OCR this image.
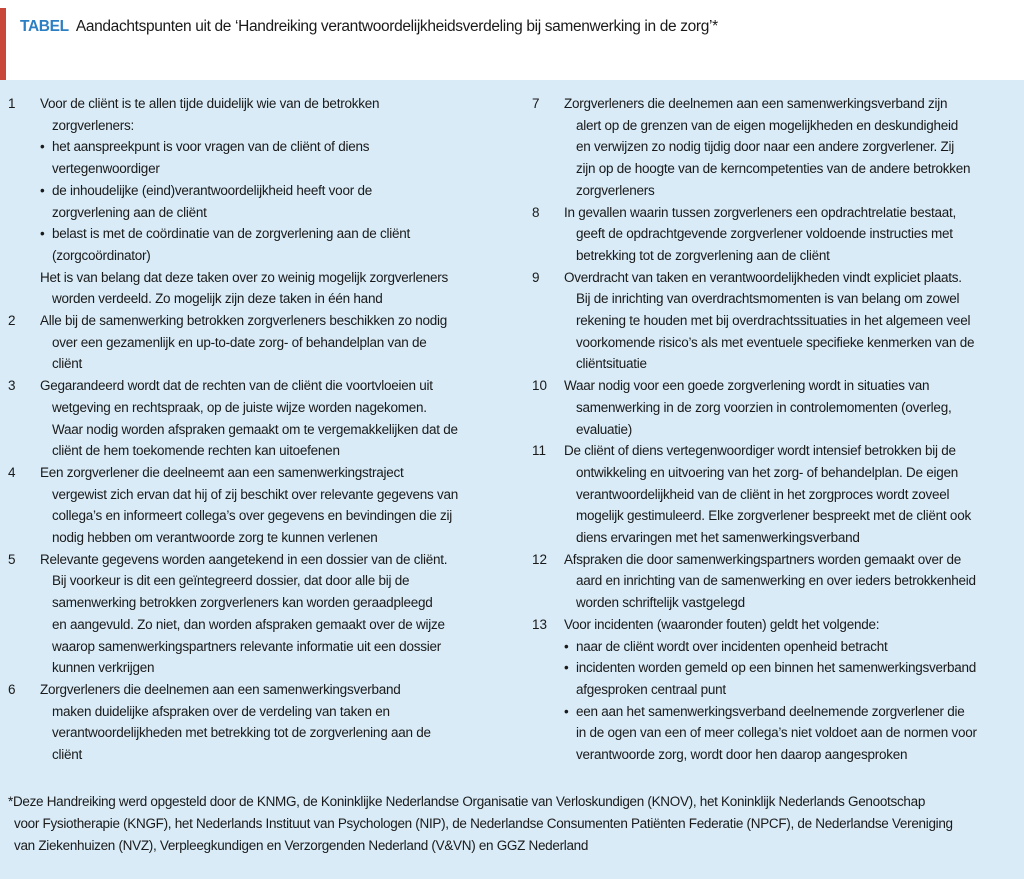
TABEL Aandachtspunten uit de ‘Handreiking verantwoordelijkheidsverdeling bij samenwerking in de zorg’*
1 Voor de cliënt is te allen tijde duidelijk wie van de betrokken
zorgverleners:
• het aanspreekpunt is voor vragen van de cliënt of diens
vertegenwoordiger
• de inhoudelijke (eind)verantwoordelijkheid heeft voor de
zorgverlening aan de cliënt
• belast is met de coördinatie van de zorgverlening aan de cliënt
(zorgcoördinator)
Het is van belang dat deze taken over zo weinig mogelijk zorgverleners
worden verdeeld. Zo mogelijk zijn deze taken in één hand
2 Alle bij de samenwerking betrokken zorgverleners beschikken zo nodig
over een gezamenlijk en up-to-date zorg- of behandelplan van de
cliënt
3 Gegarandeerd wordt dat de rechten van de cliënt die voortvloeien uit
wetgeving en rechtspraak, op de juiste wijze worden nagekomen.
Waar nodig worden afspraken gemaakt om te vergemakkelijken dat de
cliënt de hem toekomende rechten kan uitoefenen
4 Een zorgverlener die deelneemt aan een samenwerkingstraject
vergewist zich ervan dat hij of zij beschikt over relevante gegevens van
collega’s en informeert collega’s over gegevens en bevindingen die zij
nodig hebben om verantwoorde zorg te kunnen verlenen
5 Relevante gegevens worden aangetekend in een dossier van de cliënt.
Bij voorkeur is dit een geïntegreerd dossier, dat door alle bij de
samenwerking betrokken zorgverleners kan worden geraadpleegd
en aangevuld. Zo niet, dan worden afspraken gemaakt over de wijze
waarop samenwerkingspartners relevante informatie uit een dossier
kunnen verkrijgen
6 Zorgverleners die deelnemen aan een samenwerkingsverband
maken duidelijke afspraken over de verdeling van taken en
verantwoordelijkheden met betrekking tot de zorgverlening aan de
cliënt
7 Zorgverleners die deelnemen aan een samenwerkingsverband zijn
alert op de grenzen van de eigen mogelijkheden en deskundigheid
en verwijzen zo nodig tijdig door naar een andere zorgverlener. Zij
zijn op de hoogte van de kerncompetenties van de andere betrokken
zorgverleners
8 In gevallen waarin tussen zorgverleners een opdrachtrelatie bestaat,
geeft de opdrachtgevende zorgverlener voldoende instructies met
betrekking tot de zorgverlening aan de cliënt
9 Overdracht van taken en verantwoordelijkheden vindt expliciet plaats.
Bij de inrichting van overdrachtsmomenten is van belang om zowel
rekening te houden met bij overdrachtssituaties in het algemeen veel
voorkomende risico’s als met eventuele specifieke kenmerken van de
cliëntsituatie
10 Waar nodig voor een goede zorgverlening wordt in situaties van
samenwerking in de zorg voorzien in controlemomenten (overleg,
evaluatie)
11 De cliënt of diens vertegenwoordiger wordt intensief betrokken bij de
ontwikkeling en uitvoering van het zorg- of behandelplan. De eigen
verantwoordelijkheid van de cliënt in het zorgproces wordt zoveel
mogelijk gestimuleerd. Elke zorgverlener bespreekt met de cliënt ook
diens ervaringen met het samenwerkingsverband
12 Afspraken die door samenwerkingspartners worden gemaakt over de
aard en inrichting van de samenwerking en over ieders betrokkenheid
worden schriftelijk vastgelegd
13 Voor incidenten (waaronder fouten) geldt het volgende:
• naar de cliënt wordt over incidenten openheid betracht
• incidenten worden gemeld op een binnen het samenwerkingsverband
afgesproken centraal punt
• een aan het samenwerkingsverband deelnemende zorgverlener die
in de ogen van een of meer collega’s niet voldoet aan de normen voor
verantwoorde zorg, wordt door hen daarop aangesproken
*Deze Handreiking werd opgesteld door de KNMG, de Koninklijke Nederlandse Organisatie van Verloskundigen (KNOV), het Koninklijk Nederlands Genootschap
voor Fysiotherapie (KNGF), het Nederlands Instituut van Psychologen (NIP), de Nederlandse Consumenten Patiënten Federatie (NPCF), de Nederlandse Vereniging
van Ziekenhuizen (NVZ), Verpleegkundigen en Verzorgenden Nederland (V&VN) en GGZ Nederland
